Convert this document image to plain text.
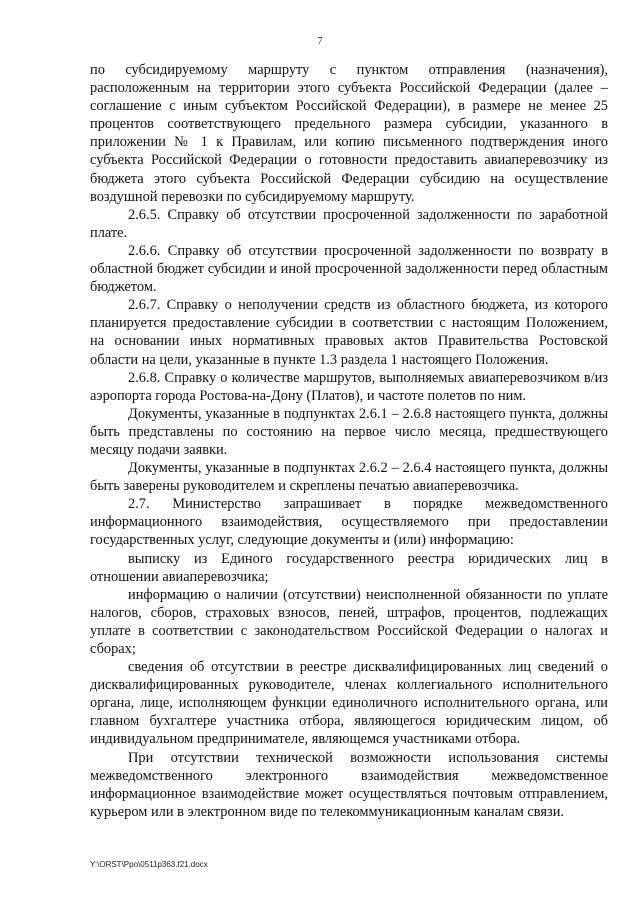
7

по субсидируемому маршруту с пунктом отправления (назначения), расположенным на территории этого субъекта Российской Федерации (далее – соглашение с иным субъектом Российской Федерации), в размере не менее 25 процентов соответствующего предельного размера субсидии, указанного в приложении № 1 к Правилам, или копию письменного подтверждения иного субъекта Российской Федерации о готовности предоставить авиаперевозчику из бюджета этого субъекта Российской Федерации субсидию на осуществление воздушной перевозки по субсидируемому маршруту.

2.6.5. Справку об отсутствии просроченной задолженности по заработной плате.

2.6.6. Справку об отсутствии просроченной задолженности по возврату в областной бюджет субсидии и иной просроченной задолженности перед областным бюджетом.

2.6.7. Справку о неполучении средств из областного бюджета, из которого планируется предоставление субсидии в соответствии с настоящим Положением, на основании иных нормативных правовых актов Правительства Ростовской области на цели, указанные в пункте 1.3 раздела 1 настоящего Положения.

2.6.8. Справку о количестве маршрутов, выполняемых авиаперевозчиком в/из аэропорта города Ростова-на-Дону (Платов), и частоте полетов по ним.

Документы, указанные в подпунктах 2.6.1 – 2.6.8 настоящего пункта, должны быть представлены по состоянию на первое число месяца, предшествующего месяцу подачи заявки.

Документы, указанные в подпунктах 2.6.2 – 2.6.4 настоящего пункта, должны быть заверены руководителем и скреплены печатью авиаперевозчика.

2.7. Министерство запрашивает в порядке межведомственного информационного взаимодействия, осуществляемого при предоставлении государственных услуг, следующие документы и (или) информацию:

выписку из Единого государственного реестра юридических лиц в отношении авиаперевозчика;

информацию о наличии (отсутствии) неисполненной обязанности по уплате налогов, сборов, страховых взносов, пеней, штрафов, процентов, подлежащих уплате в соответствии с законодательством Российской Федерации о налогах и сборах;

сведения об отсутствии в реестре дисквалифицированных лиц сведений о дисквалифицированных руководителе, членах коллегиального исполнительного органа, лице, исполняющем функции единоличного исполнительного органа, или главном бухгалтере участника отбора, являющегося юридическим лицом, об индивидуальном предпринимателе, являющемся участниками отбора.

При отсутствии технической возможности использования системы межведомственного электронного взаимодействия межведомственное информационное взаимодействие может осуществляться почтовым отправлением, курьером или в электронном виде по телекоммуникационным каналам связи.

Y:\ORST\Ppo\0511p363.f21.docx
